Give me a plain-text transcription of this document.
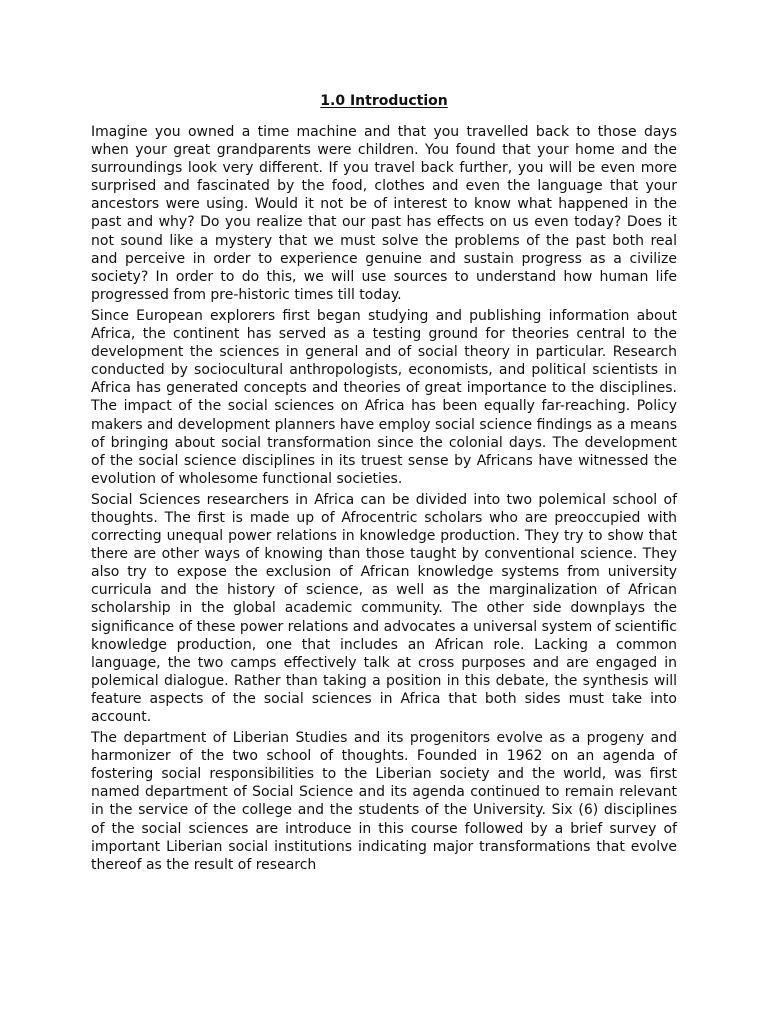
1.0 Introduction

Imagine you owned a time machine and that you travelled back to those days when your great grandparents were children. You found that your home and the surroundings look very different. If you travel back further, you will be even more surprised and fascinated by the food, clothes and even the language that your ancestors were using. Would it not be of interest to know what happened in the past and why? Do you realize that our past has effects on us even today? Does it not sound like a mystery that we must solve the problems of the past both real and perceive in order to experience genuine and sustain progress as a civilize society? In order to do this, we will use sources to understand how human life progressed from pre-historic times till today.

Since European explorers first began studying and publishing information about Africa, the continent has served as a testing ground for theories central to the development the sciences in general and of social theory in particular. Research conducted by sociocultural anthropologists, economists, and political scientists in Africa has generated concepts and theories of great importance to the disciplines. The impact of the social sciences on Africa has been equally far-reaching. Policy makers and development planners have employ social science findings as a means of bringing about social transformation since the colonial days. The development of the social science disciplines in its truest sense by Africans have witnessed the evolution of wholesome functional societies.

Social Sciences researchers in Africa can be divided into two polemical school of thoughts. The first is made up of Afrocentric scholars who are preoccupied with correcting unequal power relations in knowledge production. They try to show that there are other ways of knowing than those taught by conventional science. They also try to expose the exclusion of African knowledge systems from university curricula and the history of science, as well as the marginalization of African scholarship in the global academic community. The other side downplays the significance of these power relations and advocates a universal system of scientific knowledge production, one that includes an African role. Lacking a common language, the two camps effectively talk at cross purposes and are engaged in polemical dialogue. Rather than taking a position in this debate, the synthesis will feature aspects of the social sciences in Africa that both sides must take into account.

The department of Liberian Studies and its progenitors evolve as a progeny and harmonizer of the two school of thoughts. Founded in 1962 on an agenda of fostering social responsibilities to the Liberian society and the world, was first named department of Social Science and its agenda continued to remain relevant in the service of the college and the students of the University. Six (6) disciplines of the social sciences are introduce in this course followed by a brief survey of important Liberian social institutions indicating major transformations that evolve thereof as the result of research
